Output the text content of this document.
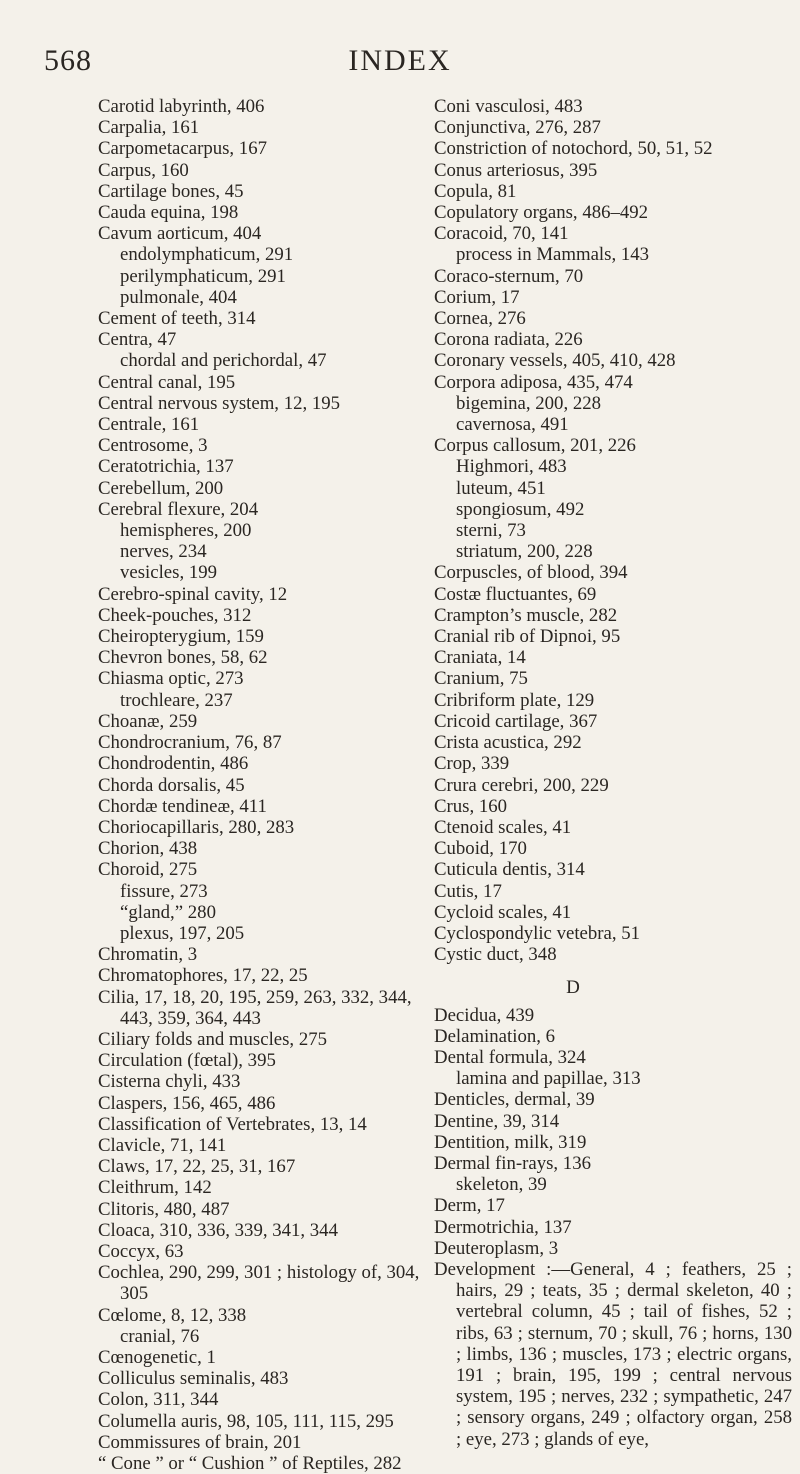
568	INDEX
Carotid labyrinth, 406
Carpalia, 161
Carpometacarpus, 167
Carpus, 160
Cartilage bones, 45
Cauda equina, 198
Cavum aorticum, 404
endolymphaticum, 291
perilymphaticum, 291
pulmonale, 404
Cement of teeth, 314
Centra, 47
chordal and perichordal, 47
Central canal, 195
Central nervous system, 12, 195
Centrale, 161
Centrosome, 3
Ceratotrichia, 137
Cerebellum, 200
Cerebral flexure, 204
hemispheres, 200
nerves, 234
vesicles, 199
Cerebro-spinal cavity, 12
Cheek-pouches, 312
Cheiropterygium, 159
Chevron bones, 58, 62
Chiasma optic, 273
trochleare, 237
Choanæ, 259
Chondrocranium, 76, 87
Chondrodentin, 486
Chorda dorsalis, 45
Chordæ tendineæ, 411
Choriocapillaris, 280, 283
Chorion, 438
Choroid, 275
fissure, 273
“gland,” 280
plexus, 197, 205
Chromatin, 3
Chromatophores, 17, 22, 25
Cilia, 17, 18, 20, 195, 259, 263, 332, 344, 443, 359, 364, 443
Ciliary folds and muscles, 275
Circulation (fœtal), 395
Cisterna chyli, 433
Claspers, 156, 465, 486
Classification of Vertebrates, 13, 14
Clavicle, 71, 141
Claws, 17, 22, 25, 31, 167
Cleithrum, 142
Clitoris, 480, 487
Cloaca, 310, 336, 339, 341, 344
Coccyx, 63
Cochlea, 290, 299, 301 ; histology of, 304, 305
Cœlome, 8, 12, 338
cranial, 76
Cœnogenetic, 1
Colliculus seminalis, 483
Colon, 311, 344
Columella auris, 98, 105, 111, 115, 295
Commissures of brain, 201
“ Cone ” or “ Cushion ” of Reptiles, 282
Coni vasculosi, 483
Conjunctiva, 276, 287
Constriction of notochord, 50, 51, 52
Conus arteriosus, 395
Copula, 81
Copulatory organs, 486–492
Coracoid, 70, 141
process in Mammals, 143
Coraco-sternum, 70
Corium, 17
Cornea, 276
Corona radiata, 226
Coronary vessels, 405, 410, 428
Corpora adiposa, 435, 474
bigemina, 200, 228
cavernosa, 491
Corpus callosum, 201, 226
Highmori, 483
luteum, 451
spongiosum, 492
sterni, 73
striatum, 200, 228
Corpuscles, of blood, 394
Costæ fluctuantes, 69
Crampton’s muscle, 282
Cranial rib of Dipnoi, 95
Craniata, 14
Cranium, 75
Cribriform plate, 129
Cricoid cartilage, 367
Crista acustica, 292
Crop, 339
Crura cerebri, 200, 229
Crus, 160
Ctenoid scales, 41
Cuboid, 170
Cuticula dentis, 314
Cutis, 17
Cycloid scales, 41
Cyclospondylic vetebra, 51
Cystic duct, 348
D
Decidua, 439
Delamination, 6
Dental formula, 324
lamina and papillae, 313
Denticles, dermal, 39
Dentine, 39, 314
Dentition, milk, 319
Dermal fin-rays, 136
skeleton, 39
Derm, 17
Dermotrichia, 137
Deuteroplasm, 3
Development :—General, 4 ; feathers, 25 ; hairs, 29 ; teats, 35 ; dermal skeleton, 40 ; vertebral column, 45 ; tail of fishes, 52 ; ribs, 63 ; sternum, 70 ; skull, 76 ; horns, 130 ; limbs, 136 ; muscles, 173 ; electric organs, 191 ; brain, 195, 199 ; central nervous system, 195 ; nerves, 232 ; sympathetic, 247 ; sensory organs, 249 ; olfactory organ, 258 ; eye, 273 ; glands of eye,
